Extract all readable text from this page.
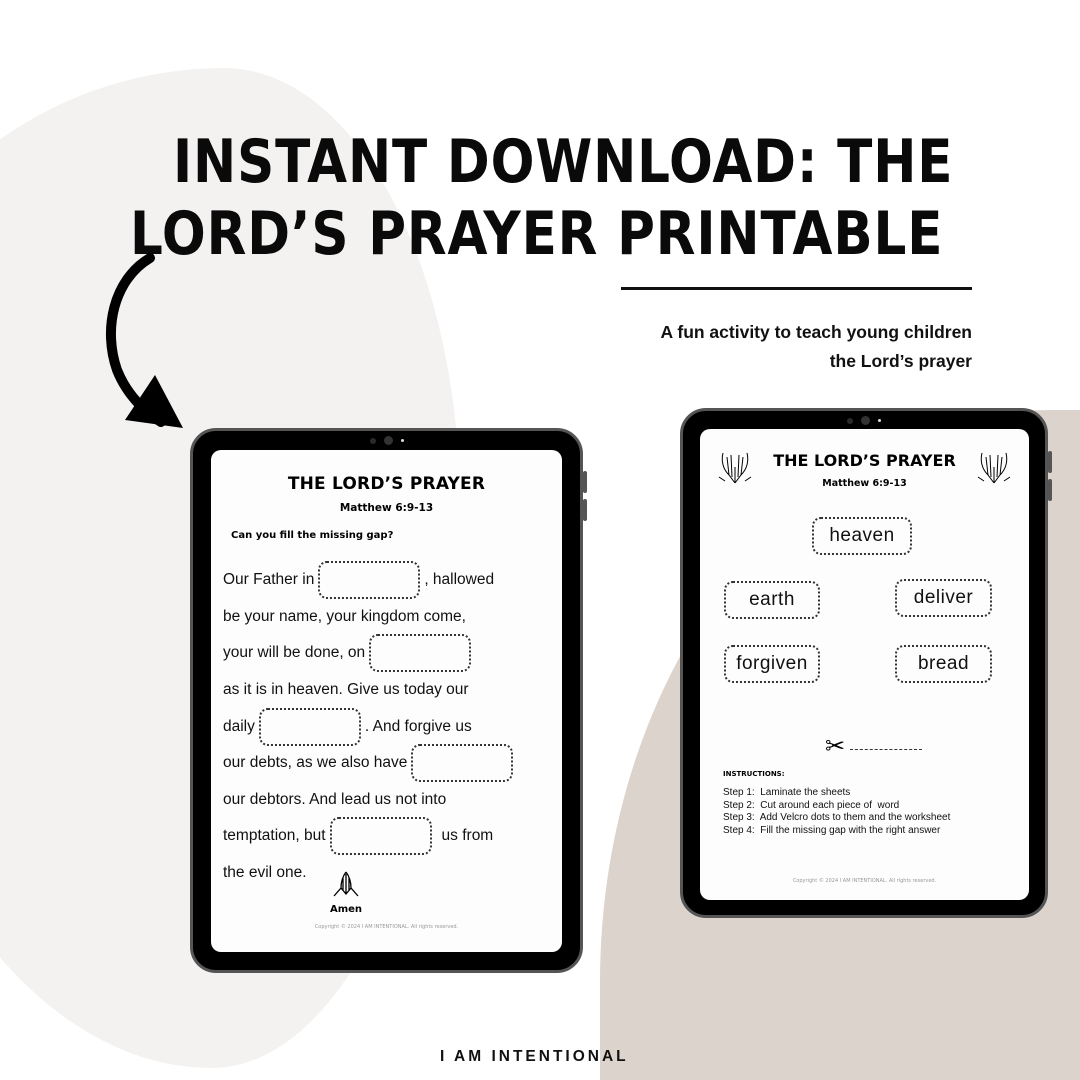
INSTANT DOWNLOAD: THE
LORD’S PRAYER PRINTABLE
A fun activity to teach young children
the Lord’s prayer
THE LORD’S PRAYER
Matthew 6:9-13
Can you fill the missing gap?
Our Father in	, hallowed
be your name, your kingdom come,
your will be done, on
as it is in heaven. Give us today our
daily	. And forgive us
our debts, as we also have
our debtors. And lead us not into
temptation, but	us from
the evil one.
Amen
Copyright © 2024 I AM INTENTIONAL. All rights reserved.
THE LORD’S PRAYER
Matthew 6:9-13
heaven
earth	deliver
forgiven	bread
✂
INSTRUCTIONS:
Step 1:  Laminate the sheets
Step 2:  Cut around each piece of  word
Step 3:  Add Velcro dots to them and the worksheet
Step 4:  Fill the missing gap with the right answer
Copyright © 2024 I AM INTENTIONAL. All rights reserved.
I AM INTENTIONAL
